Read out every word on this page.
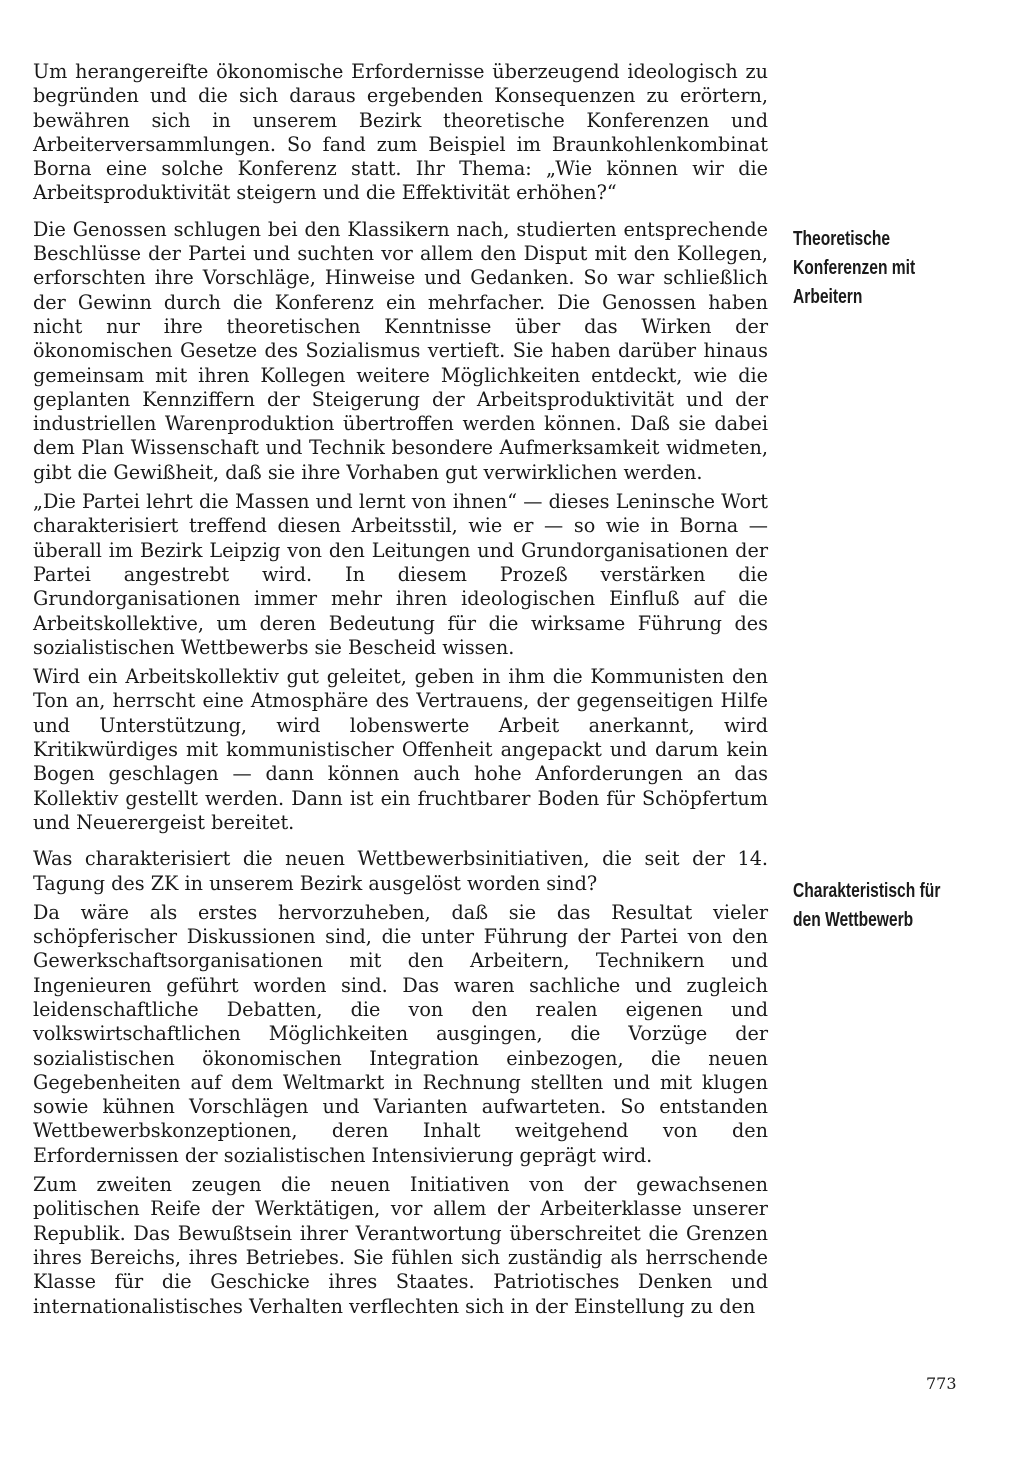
Um herangereifte ökonomische Erfordernisse überzeugend ideologisch zu begründen und die sich daraus ergebenden Konsequenzen zu erörtern, bewähren sich in unserem Bezirk theoretische Konferenzen und Arbeiterversammlungen. So fand zum Beispiel im Braunkohlenkombinat Borna eine solche Konferenz statt. Ihr Thema: „Wie können wir die Arbeitsproduktivität steigern und die Effektivität erhöhen?“

Die Genossen schlugen bei den Klassikern nach, studierten entsprechende Beschlüsse der Partei und suchten vor allem den Disput mit den Kollegen, erforschten ihre Vorschläge, Hinweise und Gedanken. So war schließlich der Gewinn durch die Konferenz ein mehrfacher. Die Genossen haben nicht nur ihre theoretischen Kenntnisse über das Wirken der ökonomischen Gesetze des Sozialismus vertieft. Sie haben darüber hinaus gemeinsam mit ihren Kollegen weitere Möglichkeiten entdeckt, wie die geplanten Kennziffern der Steigerung der Arbeitsproduktivität und der industriellen Warenproduktion übertroffen werden können. Daß sie dabei dem Plan Wissenschaft und Technik besondere Aufmerksamkeit widmeten, gibt die Gewißheit, daß sie ihre Vorhaben gut verwirklichen werden.

„Die Partei lehrt die Massen und lernt von ihnen“ — dieses Leninsche Wort charakterisiert treffend diesen Arbeitsstil, wie er — so wie in Borna — überall im Bezirk Leipzig von den Leitungen und Grundorganisationen der Partei angestrebt wird. In diesem Prozeß verstärken die Grundorganisationen immer mehr ihren ideologischen Einfluß auf die Arbeitskollektive, um deren Bedeutung für die wirksame Führung des sozialistischen Wettbewerbs sie Bescheid wissen.

Wird ein Arbeitskollektiv gut geleitet, geben in ihm die Kommunisten den Ton an, herrscht eine Atmosphäre des Vertrauens, der gegenseitigen Hilfe und Unterstützung, wird lobenswerte Arbeit anerkannt, wird Kritikwürdiges mit kommunistischer Offenheit angepackt und darum kein Bogen geschlagen — dann können auch hohe Anforderungen an das Kollektiv gestellt werden. Dann ist ein fruchtbarer Boden für Schöpfertum und Neuerergeist bereitet.

Was charakterisiert die neuen Wettbewerbsinitiativen, die seit der 14. Tagung des ZK in unserem Bezirk ausgelöst worden sind?

Da wäre als erstes hervorzuheben, daß sie das Resultat vieler schöpferischer Diskussionen sind, die unter Führung der Partei von den Gewerkschaftsorganisationen mit den Arbeitern, Technikern und Ingenieuren geführt worden sind. Das waren sachliche und zugleich leidenschaftliche Debatten, die von den realen eigenen und volkswirtschaftlichen Möglichkeiten ausgingen, die Vorzüge der sozialistischen ökonomischen Integration einbezogen, die neuen Gegebenheiten auf dem Weltmarkt in Rechnung stellten und mit klugen sowie kühnen Vorschlägen und Varianten aufwarteten. So entstanden Wettbewerbskonzeptionen, deren Inhalt weitgehend von den Erfordernissen der sozialistischen Intensivierung geprägt wird.

Zum zweiten zeugen die neuen Initiativen von der gewachsenen politischen Reife der Werktätigen, vor allem der Arbeiterklasse unserer Republik. Das Bewußtsein ihrer Verantwortung überschreitet die Grenzen ihres Bereichs, ihres Betriebes. Sie fühlen sich zuständig als herrschende Klasse für die Geschicke ihres Staates. Patriotisches Denken und internationalistisches Verhalten verflechten sich in der Einstellung zu den

Theoretische
Konferenzen mit
Arbeitern
Charakteristisch für
den Wettbewerb
773
